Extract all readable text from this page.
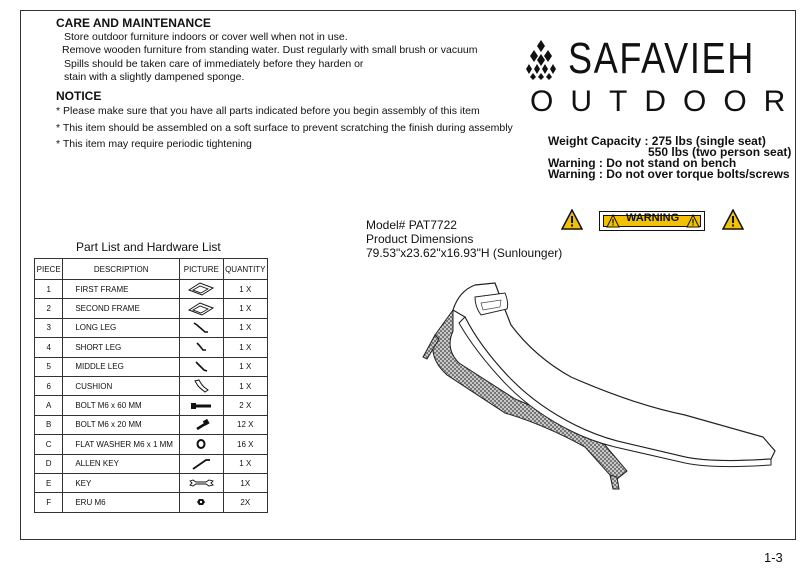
CARE AND MAINTENANCE
Store outdoor furniture indoors or cover well when not in use.
Remove wooden furniture from standing water. Dust regularly with small brush or vacuum
Spills should be taken care of immediately before they harden or
stain with a slightly dampened sponge.
NOTICE
* Please make sure that you have all parts indicated before you begin assembly of this item
* This item should be assembled on a soft surface to prevent scratching the finish during assembly
* This item may require periodic tightening
SAFAVIEH
OUTDOOR
Weight Capacity : 275 lbs (single seat)
550 lbs (two person seat)
Warning : Do not stand on bench
Warning : Do not over torque bolts/screws
WARNING
Model# PAT7722
Product Dimensions
79.53"x23.62"x16.93"H (Sunlounger)
Part List and Hardware List
PIECE	DESCRIPTION	PICTURE	QUANTITY
1	FIRST FRAME		1 X
2	SECOND FRAME		1 X
3	LONG LEG		1 X
4	SHORT LEG		1 X
5	MIDDLE LEG		1 X
6	CUSHION		1 X
A	BOLT M6 x 60 MM		2 X
B	BOLT M6 x 20 MM		12 X
C	FLAT WASHER M6 x 1 MM		16 X
D	ALLEN KEY		1 X
E	KEY		1X
F	ERU M6		2X
1-3
